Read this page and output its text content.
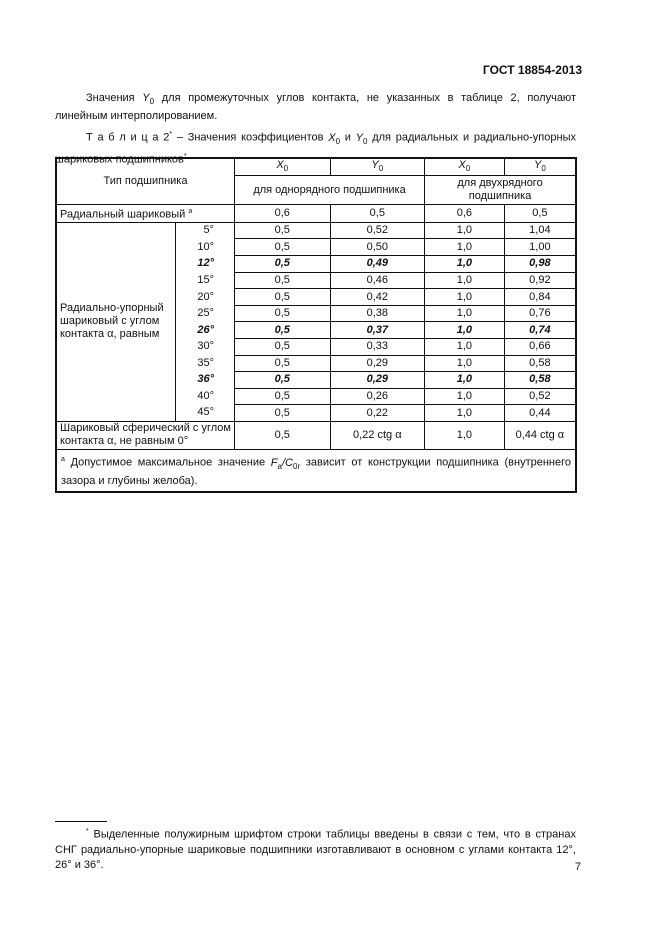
ГОСТ 18854-2013
Значения $Y_0$ для промежуточных углов контакта, не указанных в таблице 2, получают линейным интерполированием.
Т а б л и ц а 2* – Значения коэффициентов $X_0$ и $Y_0$ для радиальных и радиально-упорных шариковых подшипников*
Тип подшипника		$X_0$	$Y_0$	$X_0$	$Y_0$
		для однорядного подшипника		для двухрядного подшипника	
Радиальный шариковый $^a$		0,6	0,5	0,6	0,5
Радиально-упорный шариковый с углом контакта α, равным	5°	0,5	0,52	1,0	1,04
	10°	0,5	0,50	1,0	1,00
	12°	0,5	0,49	1,0	0,98
	15°	0,5	0,46	1,0	0,92
	20°	0,5	0,42	1,0	0,84
	25°	0,5	0,38	1,0	0,76
	26°	0,5	0,37	1,0	0,74
	30°	0,5	0,33	1,0	0,66
	35°	0,5	0,29	1,0	0,58
	36°	0,5	0,29	1,0	0,58
	40°	0,5	0,26	1,0	0,52
	45°	0,5	0,22	1,0	0,44
Шариковый сферический с углом контакта α, не равным 0°		0,5	0,22 ctg α	1,0	0,44 ctg α
$^a$ Допустимое максимальное значение $F_a/C_{0r}$ зависит от конструкции подшипника (внутреннего зазора и глубины желоба).					
* Выделенные полужирным шрифтом строки таблицы введены в связи с тем, что в странах СНГ радиально-упорные шариковые подшипники изготавливают в основном с углами контакта 12°, 26° и 36°.	7
